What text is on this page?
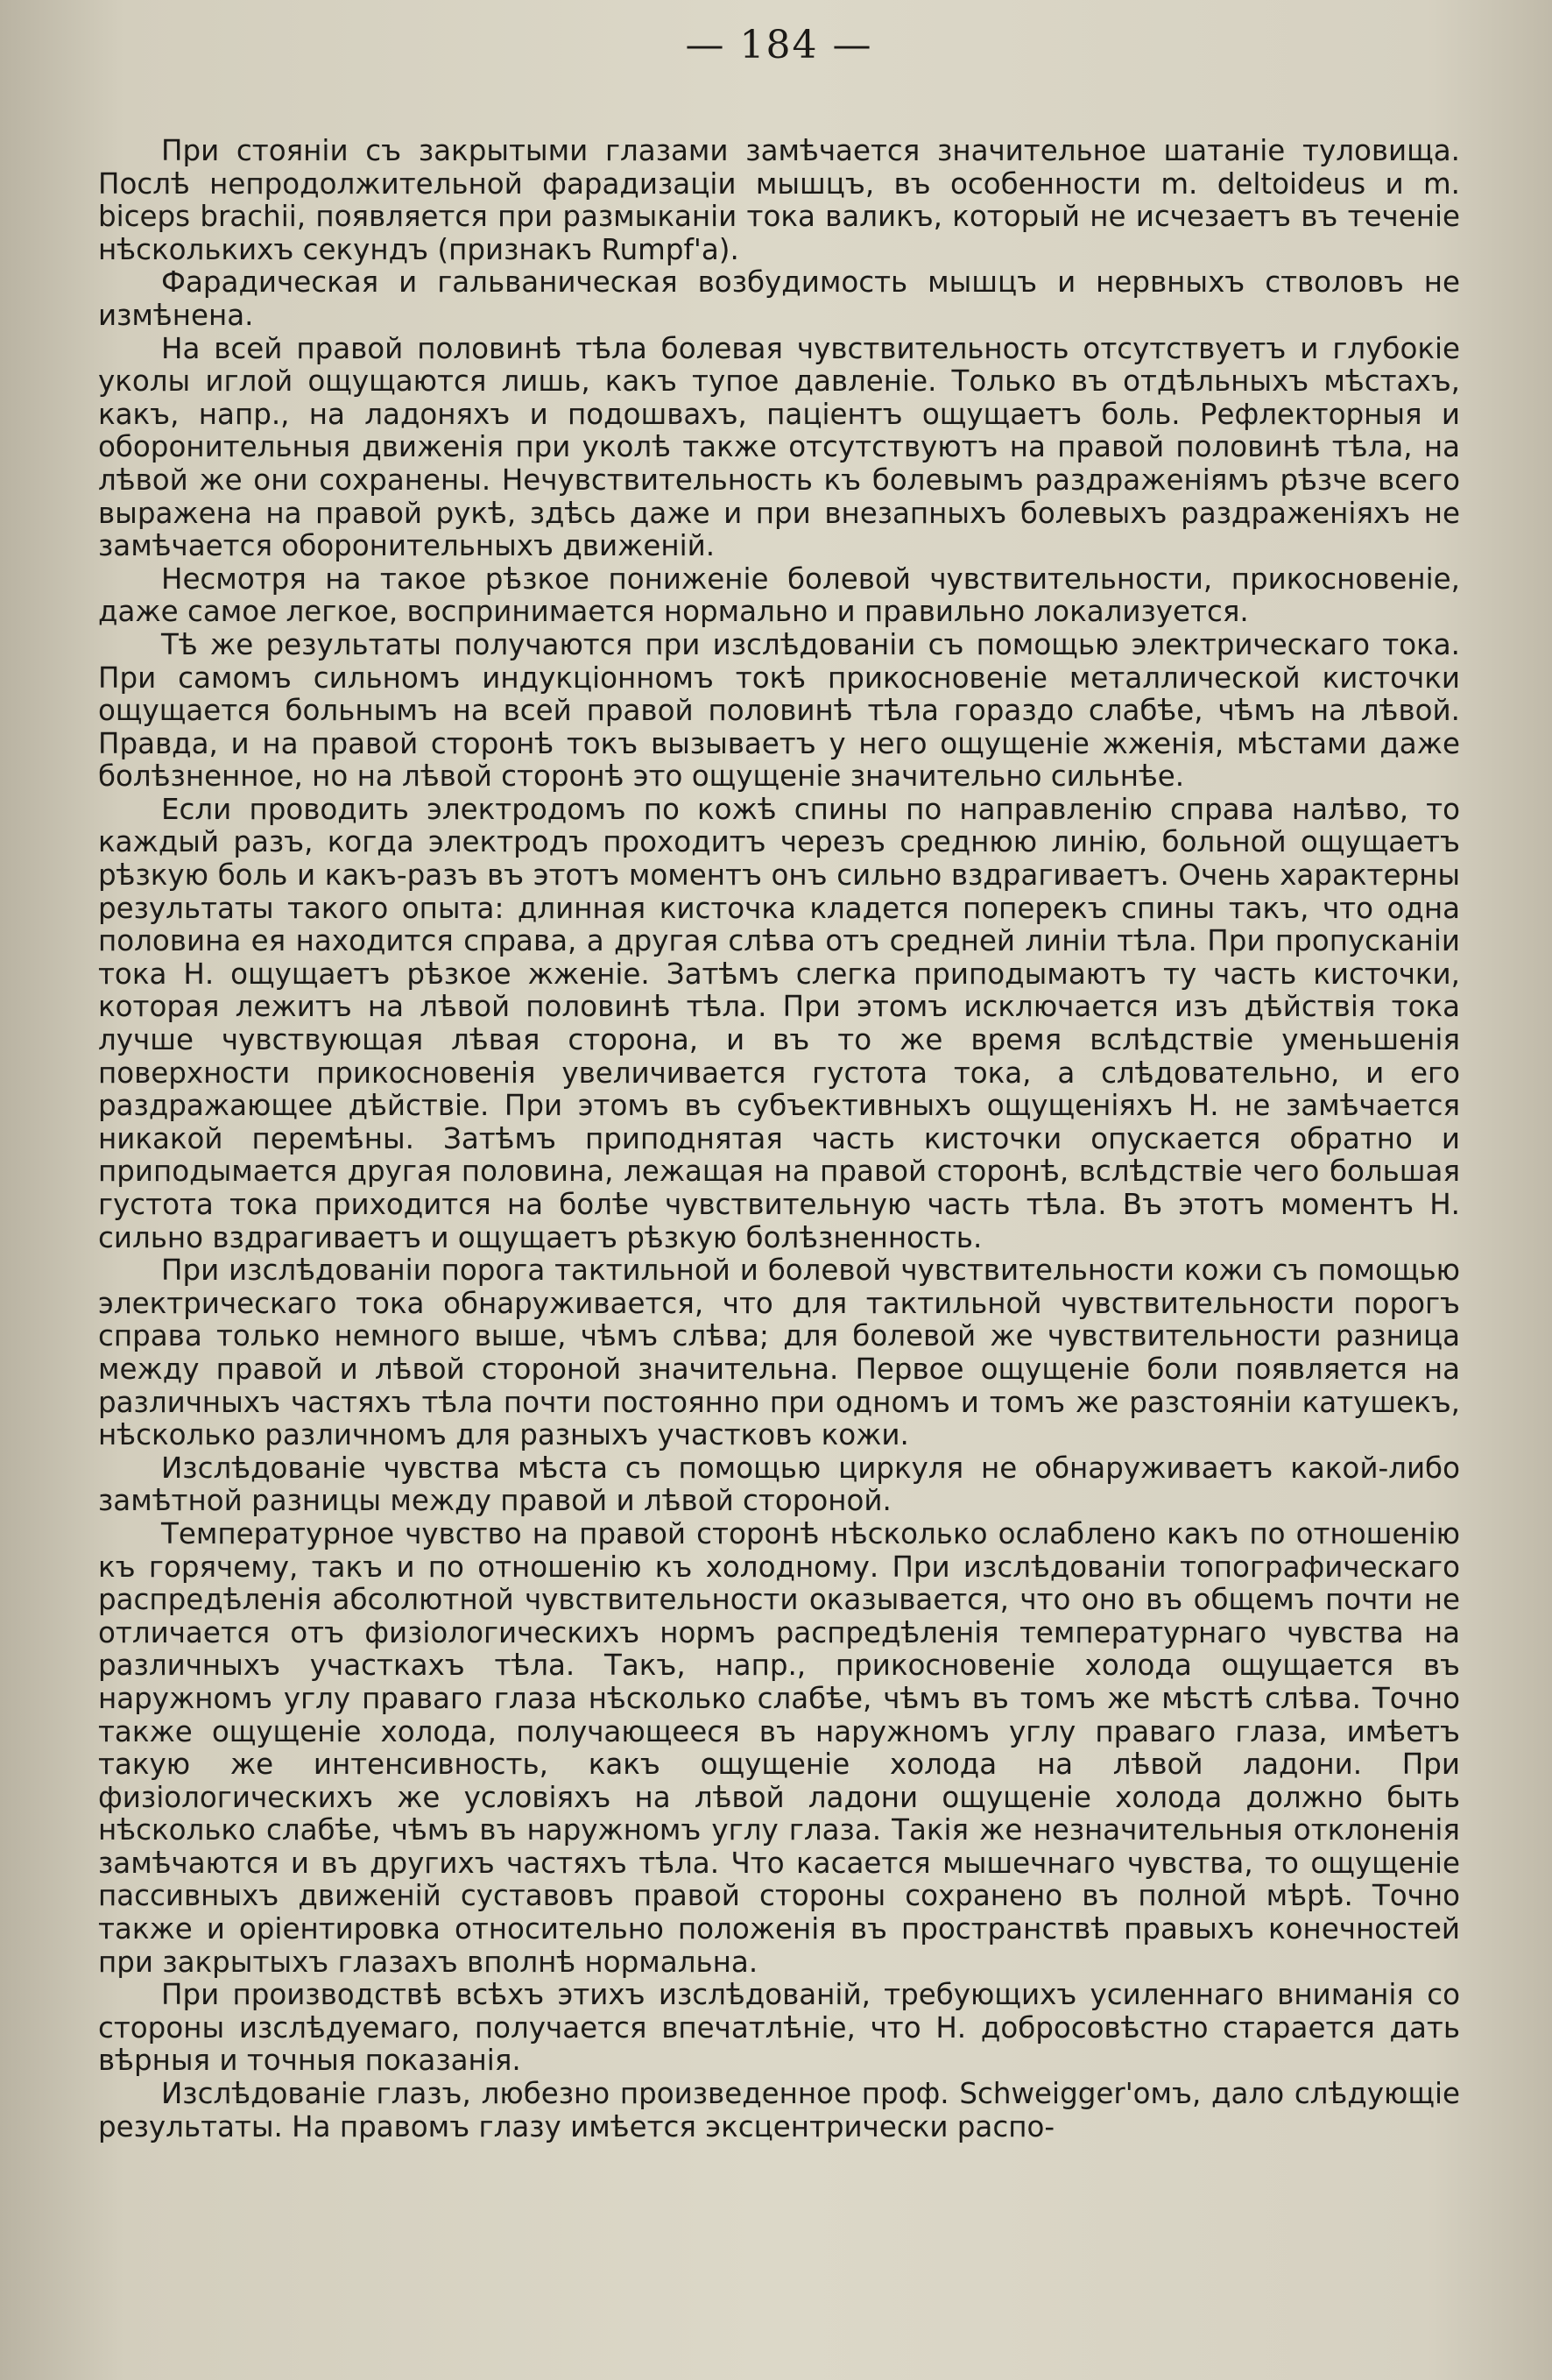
— 184 —

При стоянiи съ закрытыми глазами замѣчается значительное шатанiе туловища. Послѣ непродолжительной фарадизацiи мышцъ, въ особенности m. deltoideus и m. biceps brachii, появляется при размыканiи тока валикъ, который не исчезаетъ въ теченiе нѣсколькихъ секундъ (признакъ Rumpf'a).

Фарадическая и гальваническая возбудимость мышцъ и нервныхъ стволовъ не измѣнена.

На всей правой половинѣ тѣла болевая чувствительность отсутствуетъ и глубокiе уколы иглой ощущаются лишь, какъ тупое давленiе. Только въ отдѣльныхъ мѣстахъ, какъ, напр., на ладоняхъ и подошвахъ, пацiентъ ощущаетъ боль. Рефлекторныя и оборонительныя движенiя при уколѣ также отсутствуютъ на правой половинѣ тѣла, на лѣвой же они сохранены. Нечувствительность къ болевымъ раздраженiямъ рѣзче всего выражена на правой рукѣ, здѣсь даже и при внезапныхъ болевыхъ раздраженiяхъ не замѣчается оборонительныхъ движенiй.

Несмотря на такое рѣзкое пониженiе болевой чувствительности, прикосновенiе, даже самое легкое, воспринимается нормально и правильно локализуется.

Тѣ же результаты получаются при изслѣдованiи съ помощью электрическаго тока. При самомъ сильномъ индукцiонномъ токѣ прикосновенiе металлической кисточки ощущается больнымъ на всей правой половинѣ тѣла гораздо слабѣе, чѣмъ на лѣвой. Правда, и на правой сторонѣ токъ вызываетъ у него ощущенiе жженiя, мѣстами даже болѣзненное, но на лѣвой сторонѣ это ощущенiе значительно сильнѣе.

Если проводить электродомъ по кожѣ спины по направленiю справа налѣво, то каждый разъ, когда электродъ проходитъ черезъ среднюю линiю, больной ощущаетъ рѣзкую боль и какъ-разъ въ этотъ моментъ онъ сильно вздрагиваетъ. Очень характерны результаты такого опыта: длинная кисточка кладется поперекъ спины такъ, что одна половина ея находится справа, а другая слѣва отъ средней линiи тѣла. При пропусканiи тока Н. ощущаетъ рѣзкое жженiе. Затѣмъ слегка приподымаютъ ту часть кисточки, которая лежитъ на лѣвой половинѣ тѣла. При этомъ исключается изъ дѣйствiя тока лучше чувствующая лѣвая сторона, и въ то же время вслѣдствiе уменьшенiя поверхности прикосновенiя увеличивается густота тока, а слѣдовательно, и его раздражающее дѣйствiе. При этомъ въ субъективныхъ ощущенiяхъ Н. не замѣчается никакой перемѣны. Затѣмъ приподнятая часть кисточки опускается обратно и приподымается другая половина, лежащая на правой сторонѣ, вслѣдствiе чего большая густота тока приходится на болѣе чувствительную часть тѣла. Въ этотъ моментъ Н. сильно вздрагиваетъ и ощущаетъ рѣзкую болѣзненность.

При изслѣдованiи порога тактильной и болевой чувствительности кожи съ помощью электрическаго тока обнаруживается, что для тактильной чувствительности порогъ справа только немного выше, чѣмъ слѣва; для болевой же чувствительности разница между правой и лѣвой стороной значительна. Первое ощущенiе боли появляется на различныхъ частяхъ тѣла почти постоянно при одномъ и томъ же разстоянiи катушекъ, нѣсколько различномъ для разныхъ участковъ кожи.

Изслѣдованiе чувства мѣста съ помощью циркуля не обнаруживаетъ какой-либо замѣтной разницы между правой и лѣвой стороной.

Температурное чувство на правой сторонѣ нѣсколько ослаблено какъ по отношенiю къ горячему, такъ и по отношенiю къ холодному. При изслѣдованiи топографическаго распредѣленiя абсолютной чувствительности оказывается, что оно въ общемъ почти не отличается отъ физiологическихъ нормъ распредѣленiя температурнаго чувства на различныхъ участкахъ тѣла. Такъ, напр., прикосновенiе холода ощущается въ наружномъ углу праваго глаза нѣсколько слабѣе, чѣмъ въ томъ же мѣстѣ слѣва. Точно также ощущенiе холода, получающееся въ наружномъ углу праваго глаза, имѣетъ такую же интенсивность, какъ ощущенiе холода на лѣвой ладони. При физiологическихъ же условiяхъ на лѣвой ладони ощущенiе холода должно быть нѣсколько слабѣе, чѣмъ въ наружномъ углу глаза. Такiя же незначительныя отклоненiя замѣчаются и въ другихъ частяхъ тѣла. Что касается мышечнаго чувства, то ощущенiе пассивныхъ движенiй суставовъ правой стороны сохранено въ полной мѣрѣ. Точно также и орiентировка относительно положенiя въ пространствѣ правыхъ конечностей при закрытыхъ глазахъ вполнѣ нормальна.

При производствѣ всѣхъ этихъ изслѣдованiй, требующихъ усиленнаго вниманiя со стороны изслѣдуемаго, получается впечатлѣнiе, что Н. добросовѣстно старается дать вѣрныя и точныя показанiя.

Изслѣдованiе глазъ, любезно произведенное проф. Schweigger'омъ, дало слѣдующiе результаты. На правомъ глазу имѣется эксцентрически распо-
